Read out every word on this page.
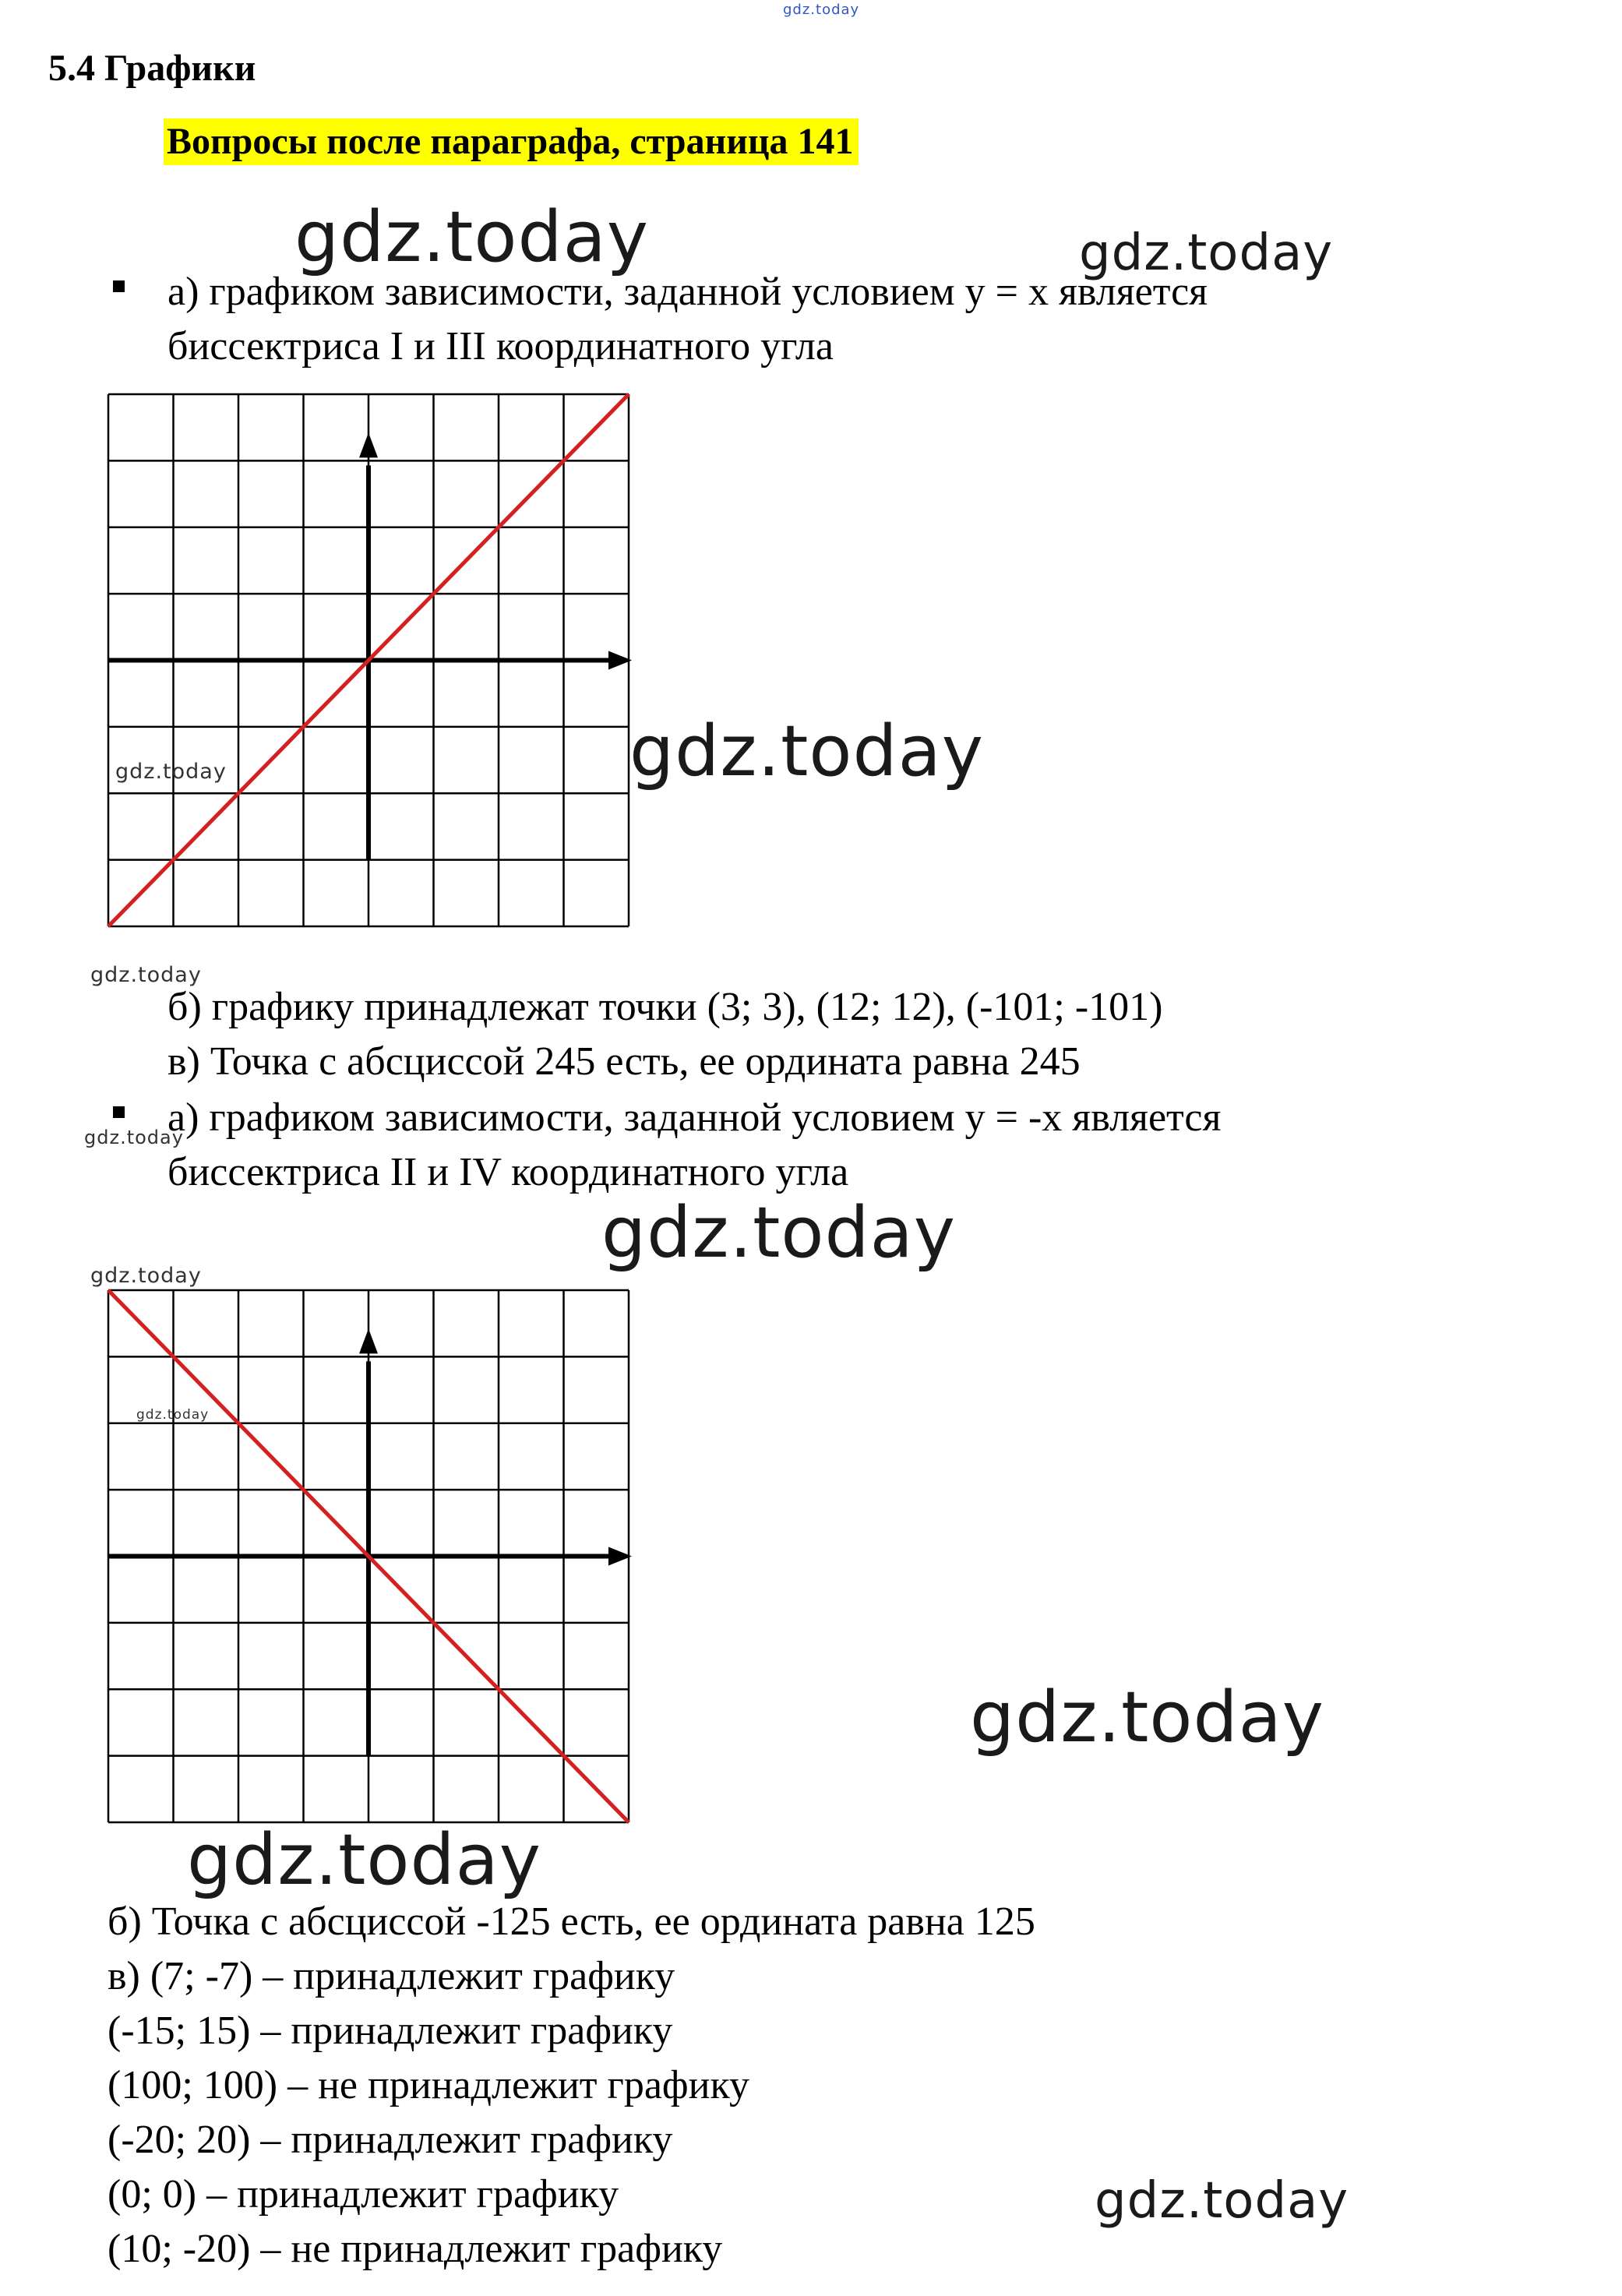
gdz.today
5.4 Графики
Вопросы после параграфа, страница 141
gdz.today	gdz.today
а) графиком зависимости, заданной условием y = x является
биссектриса I и III координатного угла
gdz.today	gdz.today
gdz.today
б) графику принадлежат точки (3; 3), (12; 12), (-101; -101)
в) Точка с абсциссой 245 есть, ее ордината равна 245
а) графиком зависимости, заданной условием y = -x является
gdz.today
биссектриса II и IV координатного угла
gdz.today
gdz.today
gdz.today
gdz.today
gdz.today
б) Точка с абсциссой -125 есть, ее ордината равна 125
в) (7; -7) – принадлежит графику
(-15; 15) – принадлежит графику
(100; 100) – не принадлежит графику
(-20; 20) – принадлежит графику
(0; 0) – принадлежит графику
(10; -20) – не принадлежит графику
gdz.today
